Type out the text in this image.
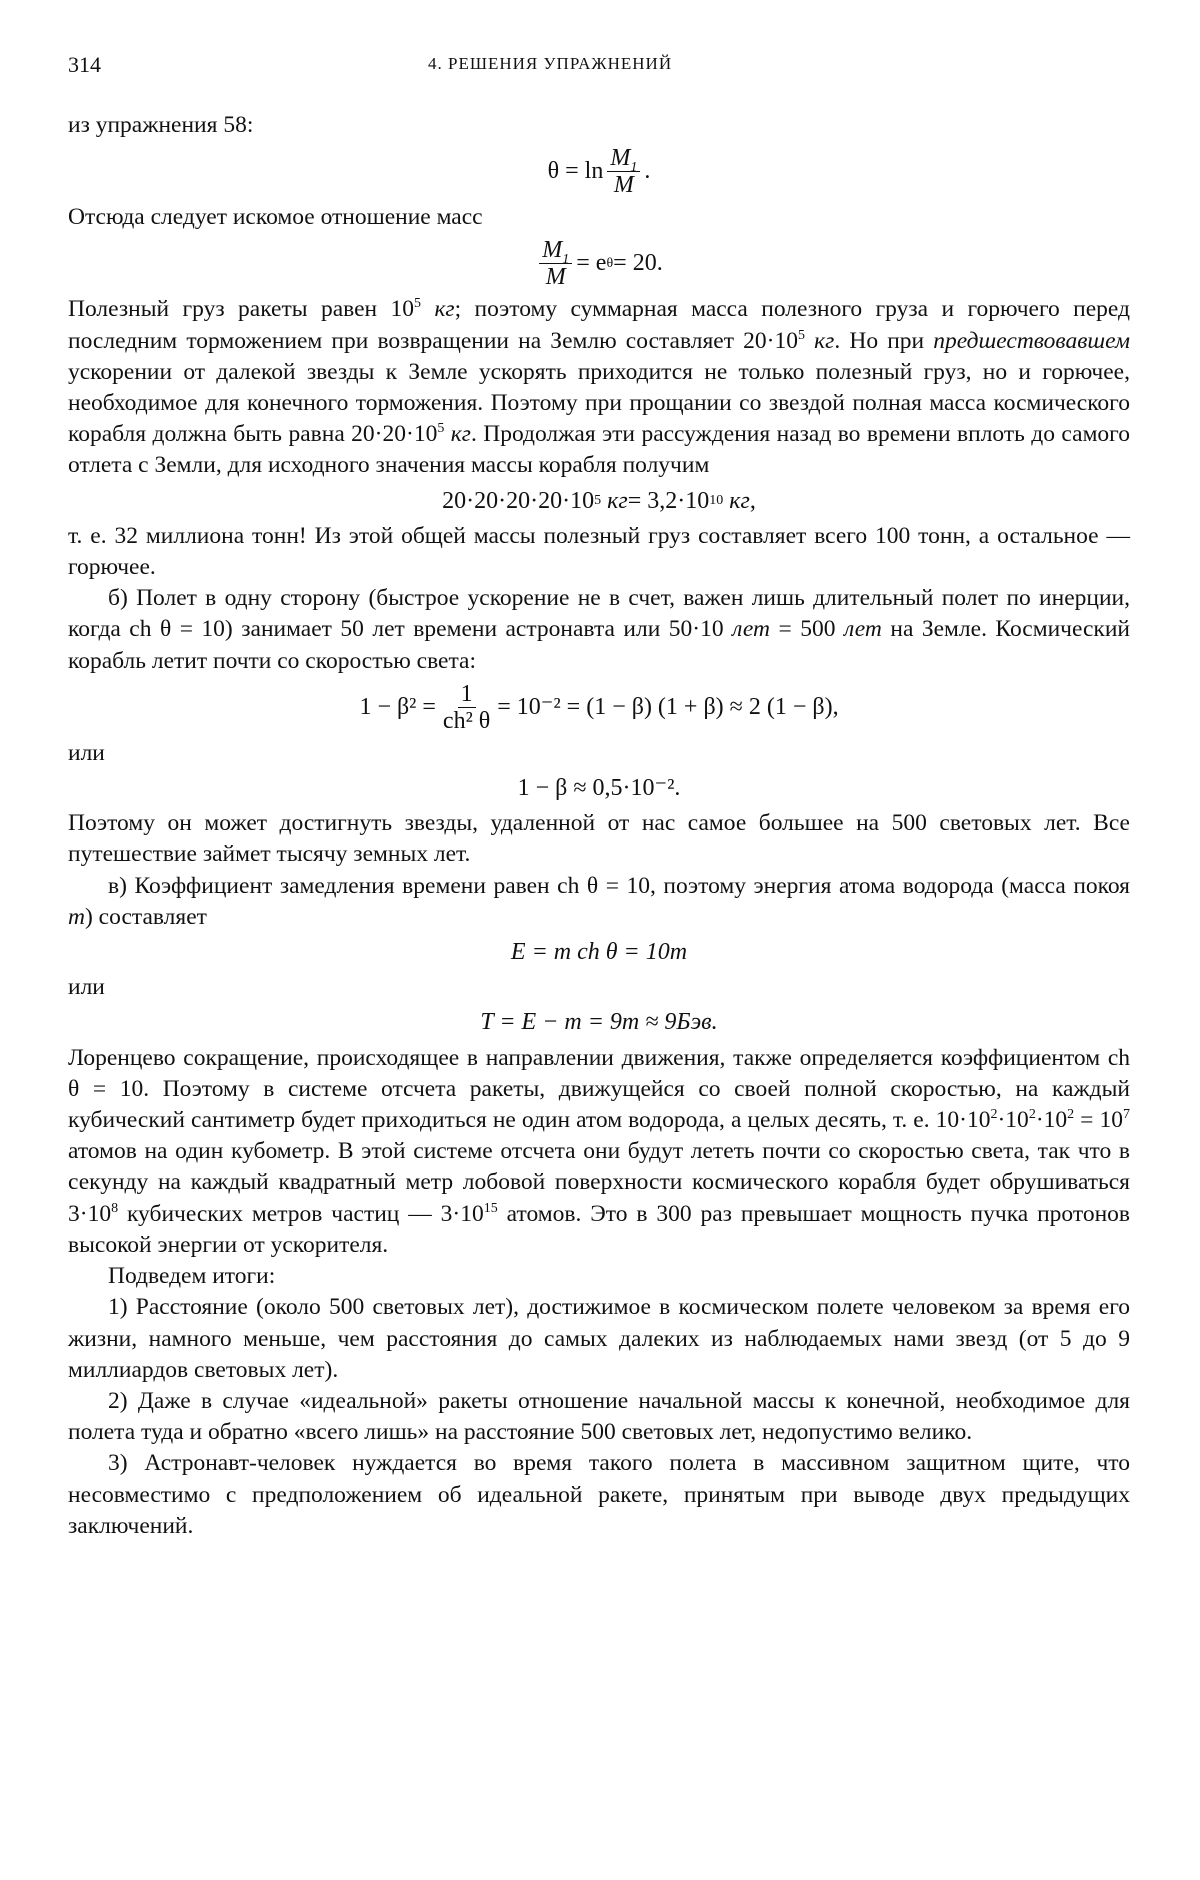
314	4. РЕШЕНИЯ УПРАЖНЕНИЙ

из упражнения 58:

$\theta = \ln \frac{M_1}{M}$ .

Отсюда следует искомое отношение масс

$\frac{M_1}{M} = e$ θ = 20.

Полезный груз ракеты равен $10^5$ кг; поэтому суммарная масса полезного груза и горючего перед последним торможением при возвращении на Землю составляет $20\cdot 10^5$ кг. Но при предшествовавшем ускорении от далекой звезды к Земле ускорять приходится не только полезный груз, но и горючее, необходимое для конечного торможения. Поэтому при прощании со звездой полная масса космического корабля должна быть равна $20\cdot 20\cdot 10^5$ кг. Продолжая эти рассуждения назад во времени вплоть до самого отлета с Земли, для исходного значения массы корабля получим

20·20·20·20·10 5
кг = 3,2·10 10
кг ,

т. е. 32 миллиона тонн! Из этой общей массы полезный груз составляет всего 100 тонн, а остальное — горючее.

б) Полет в одну сторону (быстрое ускорение не в счет, важен лишь длительный полет по инерции, когда ch θ = 10) занимает 50 лет времени астронавта или 50·10 лет = 500 лет на Земле. Космический корабль летит почти со скоростью света:

$1 - \beta^2 = \frac{1}{\text{ch² θ}} = 10^{-2} = (1 - \beta) (1 + \beta) \approx 2$ (1 − β),

или

1 − β ≈ 0,5·10⁻².

Поэтому он может достигнуть звезды, удаленной от нас самое большее на 500 световых лет. Все путешествие займет тысячу земных лет.

в) Коэффициент замедления времени равен ch θ = 10, поэтому энергия атома водорода (масса покоя m) составляет

E = m ch θ = 10m

или

T = E − m = 9m ≈ 9 Бэв.

Лоренцево сокращение, происходящее в направлении движения, также определяется коэффициентом ch θ = 10. Поэтому в системе отсчета ракеты, движущейся со своей полной скоростью, на каждый кубический сантиметр будет приходиться не один атом водорода, а целых десять, т. е. $10\cdot 10^2\cdot 10^2\cdot 10^2 = 10^7$ атомов на один кубометр. В этой системе отсчета они будут лететь почти со скоростью света, так что в секунду на каждый квадратный метр лобовой поверхности космического корабля будет обрушиваться $3\cdot 10^8$ кубических метров частиц — $3\cdot 10^{15}$ атомов. Это в 300 раз превышает мощность пучка протонов высокой энергии от ускорителя.

Подведем итоги:

1) Расстояние (около 500 световых лет), достижимое в космическом полете человеком за время его жизни, намного меньше, чем расстояния до самых далеких из наблюдаемых нами звезд (от 5 до 9 миллиардов световых лет).

2) Даже в случае «идеальной» ракеты отношение начальной массы к конечной, необходимое для полета туда и обратно «всего лишь» на расстояние 500 световых лет, недопустимо велико.

3) Астронавт-человек нуждается во время такого полета в массивном защитном щите, что несовместимо с предположением об идеальной ракете, принятым при выводе двух предыдущих заключений.
